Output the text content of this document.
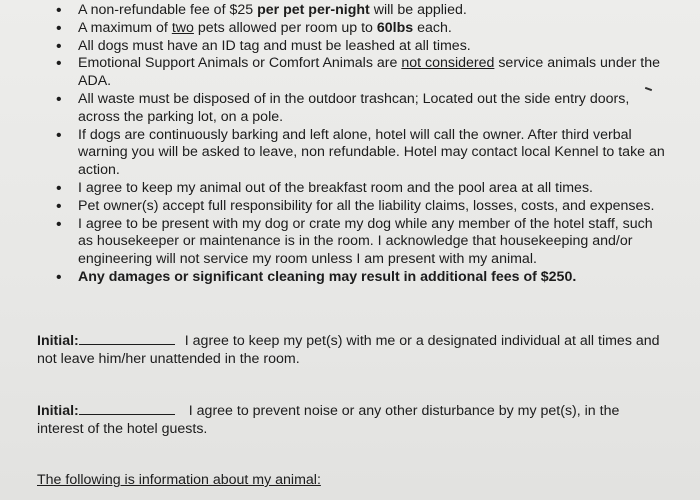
• A non-refundable fee of $25 per pet per-night will be applied.
• A maximum of two pets allowed per room up to 60lbs each.
• All dogs must have an ID tag and must be leashed at all times.
• Emotional Support Animals or Comfort Animals are not considered service animals under the ADA.
• All waste must be disposed of in the outdoor trashcan; Located out the side entry doors, across the parking lot, on a pole.
• If dogs are continuously barking and left alone, hotel will call the owner. After third verbal warning you will be asked to leave, non refundable. Hotel may contact local Kennel to take an action.
• I agree to keep my animal out of the breakfast room and the pool area at all times.
• Pet owner(s) accept full responsibility for all the liability claims, losses, costs, and expenses.
• I agree to be present with my dog or crate my dog while any member of the hotel staff, such as housekeeper or maintenance is in the room. I acknowledge that housekeeping and/or engineering will not service my room unless I am present with my animal.
• Any damages or significant cleaning may result in additional fees of $250.
Initial:	I agree to keep my pet(s) with me or a designated individual at all times and not leave him/her unattended in the room.
Initial:	I agree to prevent noise or any other disturbance by my pet(s), in the interest of the hotel guests.
The following is information about my animal:
